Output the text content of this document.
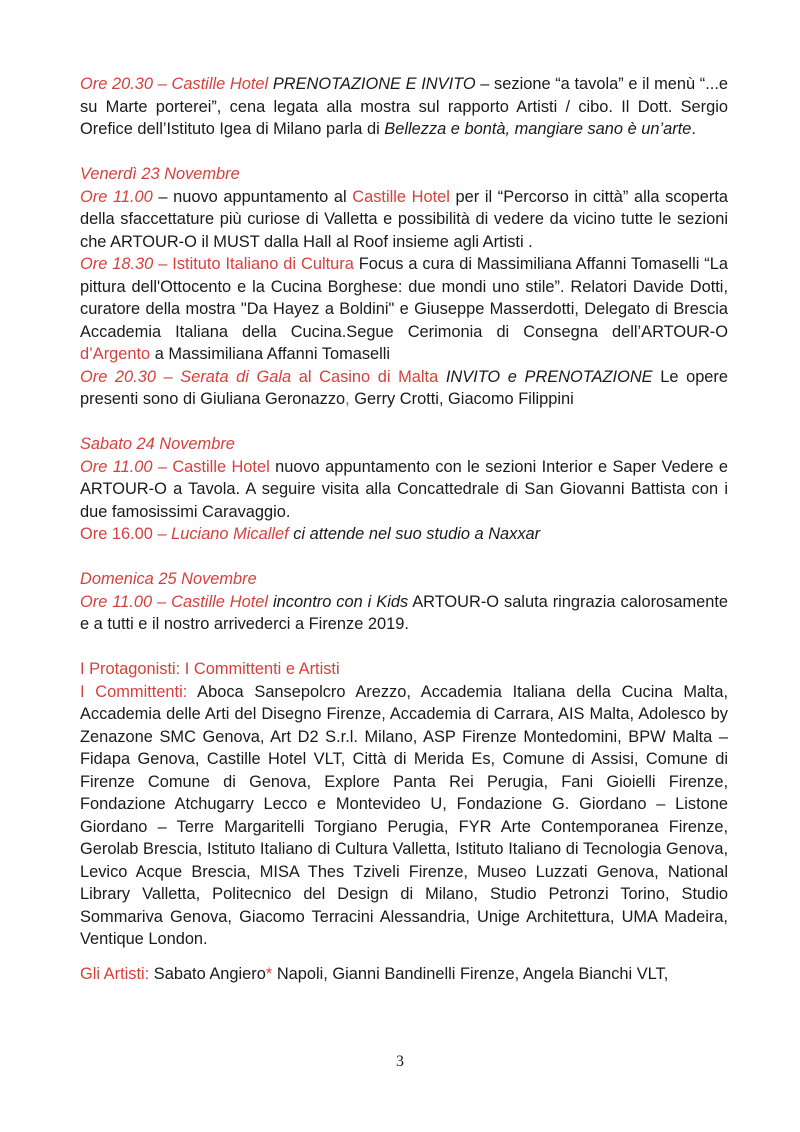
Ore 20.30 – Castille Hotel PRENOTAZIONE E INVITO – sezione “a tavola” e il menù “...e su Marte porterei”, cena legata alla mostra sul rapporto Artisti / cibo. Il Dott. Sergio Orefice dell’Istituto Igea di Milano parla di Bellezza e bontà, mangiare sano è un’arte.

Venerdì 23 Novembre

Ore 11.00 – nuovo appuntamento al Castille Hotel per il “Percorso in città” alla scoperta della sfaccettature più curiose di Valletta e possibilità di vedere da vicino tutte le sezioni che ARTOUR-O il MUST dalla Hall al Roof insieme agli Artisti .

Ore 18.30 – Istituto Italiano di Cultura Focus a cura di Massimiliana Affanni Tomaselli “La pittura dell'Ottocento e la Cucina Borghese: due mondi uno stile”. Relatori Davide Dotti, curatore della mostra "Da Hayez a Boldini" e Giuseppe Masserdotti, Delegato di Brescia Accademia Italiana della Cucina.Segue Cerimonia di Consegna dell’ARTOUR-O d’Argento a Massimiliana Affanni Tomaselli

Ore 20.30 – Serata di Gala al Casino di Malta INVITO e PRENOTAZIONE Le opere presenti sono di Giuliana Geronazzo, Gerry Crotti, Giacomo Filippini

Sabato 24 Novembre

Ore 11.00 – Castille Hotel nuovo appuntamento con le sezioni Interior e Saper Vedere e ARTOUR-O a Tavola. A seguire visita alla Concattedrale di San Giovanni Battista con i due famosissimi Caravaggio.

Ore 16.00 – Luciano Micallef ci attende nel suo studio a Naxxar

Domenica 25 Novembre

Ore 11.00 – Castille Hotel incontro con i Kids ARTOUR-O saluta ringrazia calorosamente e a tutti e il nostro arrivederci a Firenze 2019.

I Protagonisti: I Committenti e Artisti

I Committenti: Aboca Sansepolcro Arezzo, Accademia Italiana della Cucina Malta, Accademia delle Arti del Disegno Firenze, Accademia di Carrara, AIS Malta, Adolesco by Zenazone SMC Genova, Art D2 S.r.l. Milano, ASP Firenze Montedomini, BPW Malta – Fidapa Genova, Castille Hotel VLT, Città di Merida Es, Comune di Assisi, Comune di Firenze Comune di Genova, Explore Panta Rei Perugia, Fani Gioielli Firenze, Fondazione Atchugarry Lecco e Montevideo U, Fondazione G. Giordano – Listone Giordano – Terre Margaritelli Torgiano Perugia, FYR Arte Contemporanea Firenze, Gerolab Brescia, Istituto Italiano di Cultura Valletta, Istituto Italiano di Tecnologia Genova, Levico Acque Brescia, MISA Thes Tziveli Firenze, Museo Luzzati Genova, National Library Valletta, Politecnico del Design di Milano, Studio Petronzi Torino, Studio Sommariva Genova, Giacomo Terracini Alessandria, Unige Architettura, UMA Madeira, Ventique London.

Gli Artisti: Sabato Angiero* Napoli, Gianni Bandinelli Firenze, Angela Bianchi VLT,

3
